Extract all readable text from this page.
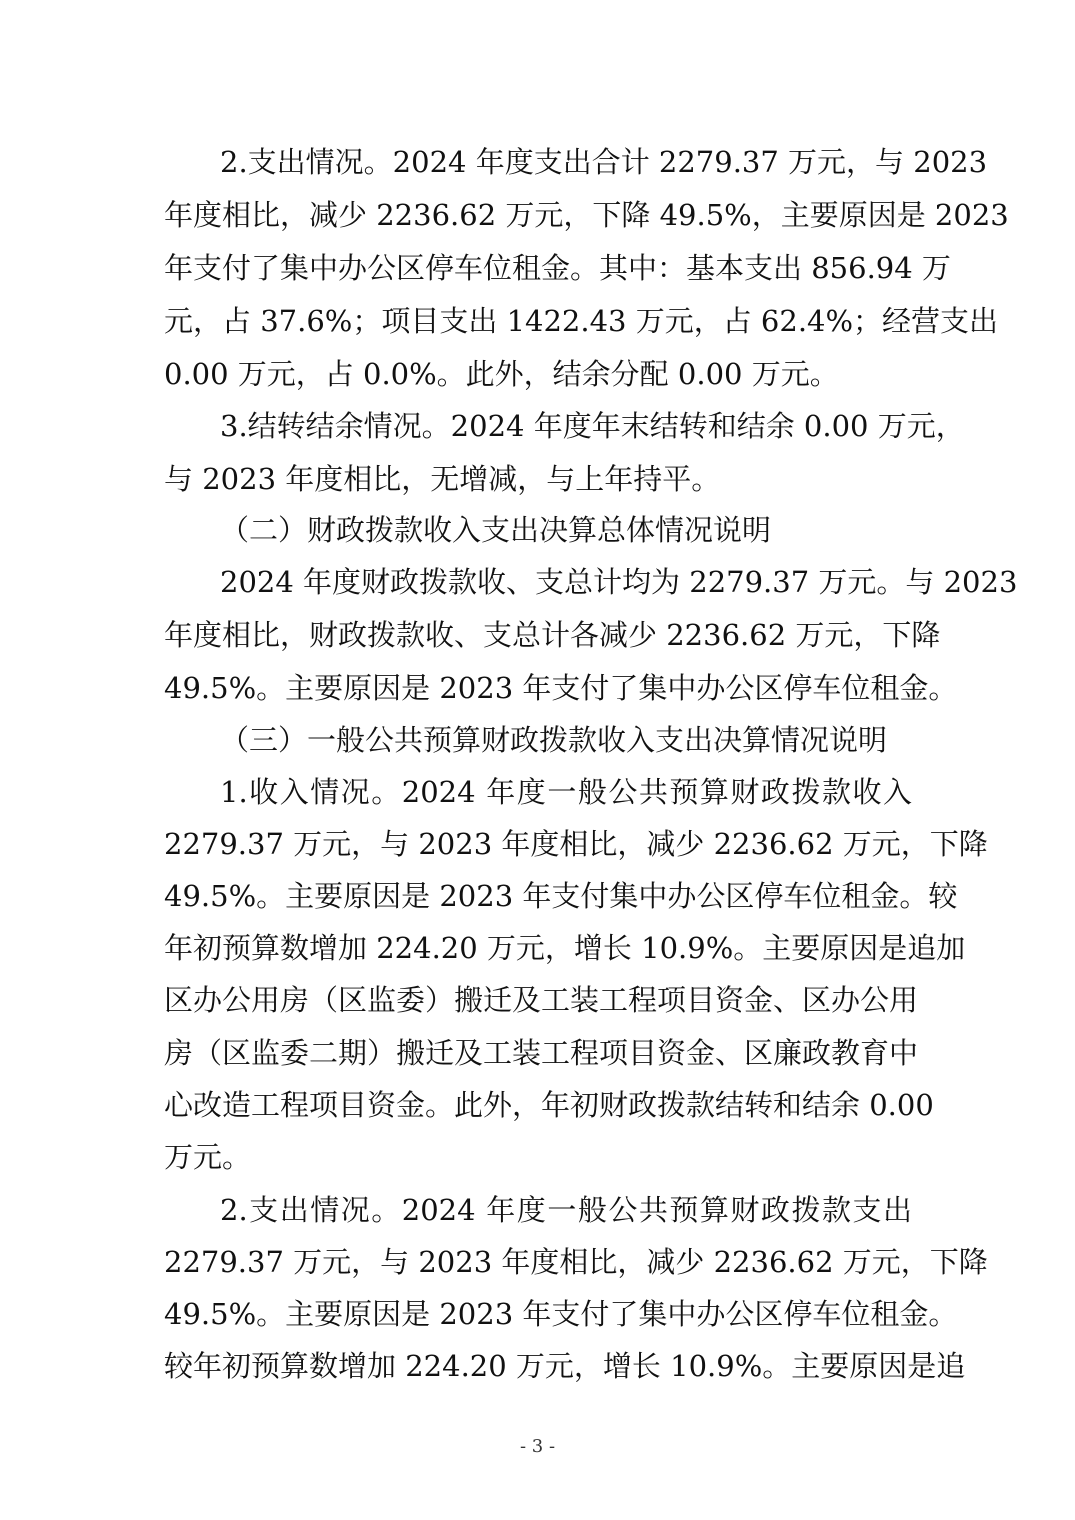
2.支出情况。2024 年度支出合计 2279.37 万元，与 2023
年度相比，减少 2236.62 万元，下降 49.5%，主要原因是 2023
年支付了集中办公区停车位租金。其中：基本支出 856.94 万
元，占 37.6%；项目支出 1422.43 万元，占 62.4%；经营支出
0.00 万元，占 0.0%。此外，结余分配 0.00 万元。
3.结转结余情况。2024 年度年末结转和结余 0.00 万元，
与 2023 年度相比，无增减，与上年持平。
（二）财政拨款收入支出决算总体情况说明
2024 年度财政拨款收、支总计均为 2279.37 万元。与 2023
年度相比，财政拨款收、支总计各减少 2236.62 万元，下降
49.5%。主要原因是 2023 年支付了集中办公区停车位租金。
（三）一般公共预算财政拨款收入支出决算情况说明
1.收入情况。2024 年度一般公共预算财政拨款收入
2279.37 万元，与 2023 年度相比，减少 2236.62 万元，下降
49.5%。主要原因是 2023 年支付集中办公区停车位租金。较
年初预算数增加 224.20 万元，增长 10.9%。主要原因是追加
区办公用房（区监委）搬迁及工装工程项目资金、区办公用
房（区监委二期）搬迁及工装工程项目资金、区廉政教育中
心改造工程项目资金。此外，年初财政拨款结转和结余 0.00
万元。
2.支出情况。2024 年度一般公共预算财政拨款支出
2279.37 万元，与 2023 年度相比，减少 2236.62 万元，下降
49.5%。主要原因是 2023 年支付了集中办公区停车位租金。
较年初预算数增加 224.20 万元，增长 10.9%。主要原因是追
- 3 -
